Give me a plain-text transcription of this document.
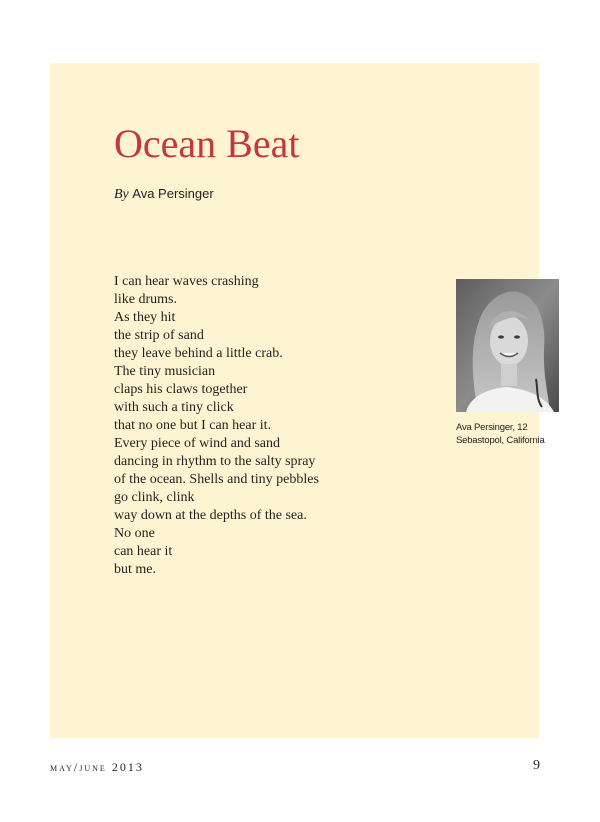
Ocean Beat
By Ava Persinger
I can hear waves crashing
like drums.
As they hit
the strip of sand
they leave behind a little crab.
The tiny musician
claps his claws together
with such a tiny click
that no one but I can hear it.
Every piece of wind and sand
dancing in rhythm to the salty spray
of the ocean. Shells and tiny pebbles
go clink, clink
way down at the depths of the sea.
No one
can hear it
but me.
Ava Persinger, 12
Sebastopol, California
may/june 2013	9
